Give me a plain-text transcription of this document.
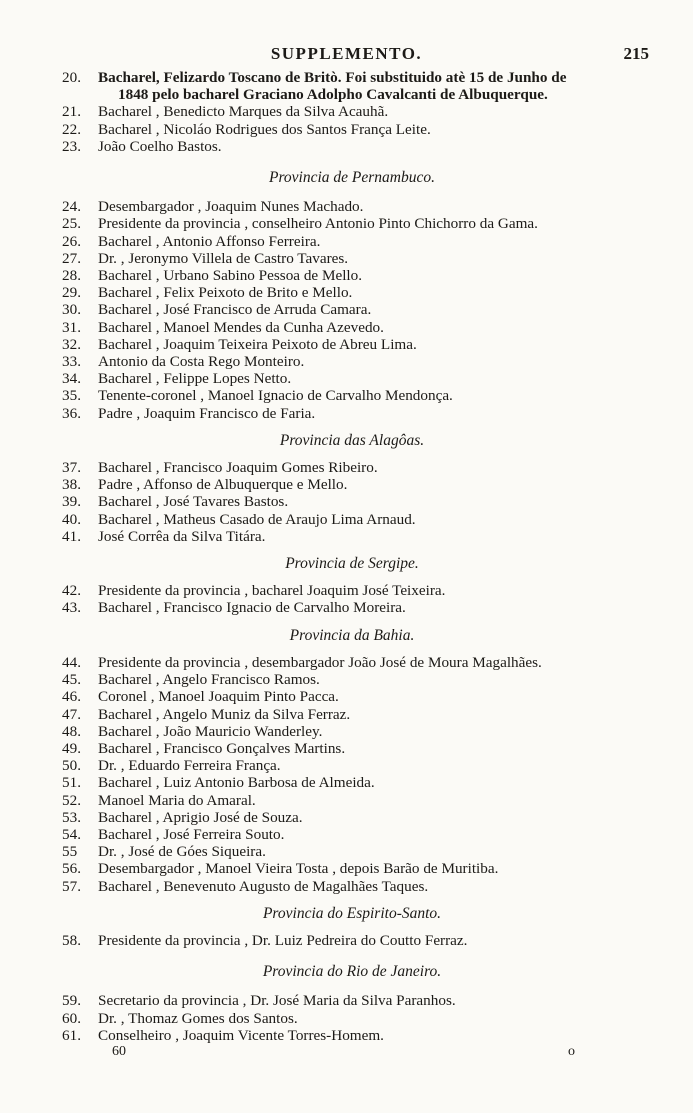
SUPPLEMENTO.	215
20. Bacharel, Felizardo Toscano de Britò. Foi substituido atè 15 de Junho de
1848 pelo bacharel Graciano Adolpho Cavalcanti de Albuquerque.
21. Bacharel , Benedicto Marques da Silva Acauhã.
22. Bacharel , Nicoláo Rodrigues dos Santos França Leite.
23. João Coelho Bastos.
Provincia de Pernambuco.
24. Desembargador , Joaquim Nunes Machado.
25. Presidente da provincia , conselheiro Antonio Pinto Chichorro da Gama.
26. Bacharel , Antonio Affonso Ferreira.
27. Dr. , Jeronymo Villela de Castro Tavares.
28. Bacharel , Urbano Sabino Pessoa de Mello.
29. Bacharel , Felix Peixoto de Brito e Mello.
30. Bacharel , José Francisco de Arruda Camara.
31. Bacharel , Manoel Mendes da Cunha Azevedo.
32. Bacharel , Joaquim Teixeira Peixoto de Abreu Lima.
33. Antonio da Costa Rego Monteiro.
34. Bacharel , Felippe Lopes Netto.
35. Tenente-coronel , Manoel Ignacio de Carvalho Mendonça.
36. Padre , Joaquim Francisco de Faria.
Provincia das Alagôas.
37. Bacharel , Francisco Joaquim Gomes Ribeiro.
38. Padre , Affonso de Albuquerque e Mello.
39. Bacharel , José Tavares Bastos.
40. Bacharel , Matheus Casado de Araujo Lima Arnaud.
41. José Corrêa da Silva Titára.
Provincia de Sergipe.
42. Presidente da provincia , bacharel Joaquim José Teixeira.
43. Bacharel , Francisco Ignacio de Carvalho Moreira.
Provincia da Bahia.
44. Presidente da provincia , desembargador João José de Moura Magalhães.
45. Bacharel , Angelo Francisco Ramos.
46. Coronel , Manoel Joaquim Pinto Pacca.
47. Bacharel , Angelo Muniz da Silva Ferraz.
48. Bacharel , João Mauricio Wanderley.
49. Bacharel , Francisco Gonçalves Martins.
50. Dr. , Eduardo Ferreira França.
51. Bacharel , Luiz Antonio Barbosa de Almeida.
52. Manoel Maria do Amaral.
53. Bacharel , Aprigio José de Souza.
54. Bacharel , José Ferreira Souto.
55 Dr. , José de Góes Siqueira.
56. Desembargador , Manoel Vieira Tosta , depois Barão de Muritiba.
57. Bacharel , Benevenuto Augusto de Magalhães Taques.
Provincia do Espirito-Santo.
58. Presidente da provincia , Dr. Luiz Pedreira do Coutto Ferraz.
Provincia do Rio de Janeiro.
59. Secretario da provincia , Dr. José Maria da Silva Paranhos.
60. Dr. , Thomaz Gomes dos Santos.
61. Conselheiro , Joaquim Vicente Torres-Homem.
60	o
